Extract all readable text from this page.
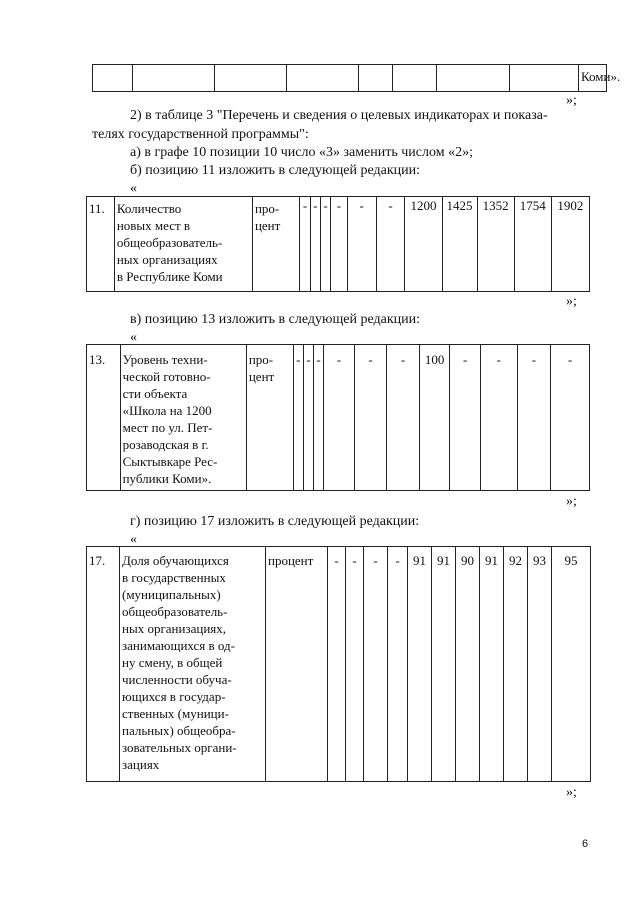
								Коми».
»;
2) в таблице 3 "Перечень и сведения о целевых индикаторах и показа-
телях государственной программы":
а) в графе 10 позиции 10 число «3» заменить числом «2»;
б) позицию 11 изложить в следующей редакции:
«
11.	Количество
новых мест в
общеобразователь-
ных организациях
в Республике Коми

про-
цент
	-	-	-	-	-	-	1200	1425	1352	1754	1902
»;
в) позицию 13 изложить в следующей редакции:
«
13.	Уровень техни-
ческой готовно-
сти объекта
«Школа на 1200
мест по ул. Пет-
розаводская в г.
Сыктывкаре Рес-
публики Коми».

про-
цент
	-	-	-	-	-	-	100	-	-	-	-
»;
г) позицию 17 изложить в следующей редакции:
«
17.	Доля обучающихся
в государственных
(муниципальных)
общеобразователь-
ных организациях,
занимающихся в од-
ну смену, в общей
численности обуча-
ющихся в государ-
ственных (муници-
пальных) общеобра-
зовательных органи-
зациях
	процент	-	-	-	-	91	91	90	91	92	93	95
»;
6
